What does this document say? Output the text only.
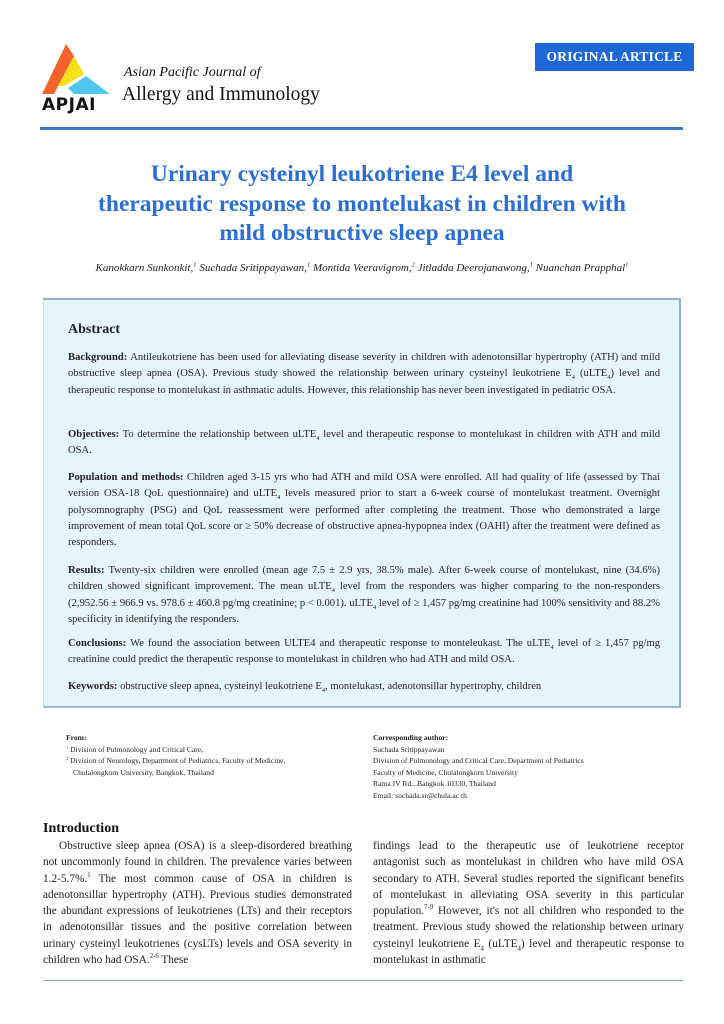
APJAI
Asian Pacific Journal of
Allergy and Immunology
ORIGINAL ARTICLE
Urinary cysteinyl leukotriene E4 level and
therapeutic response to montelukast in children with
mild obstructive sleep apnea
Kanokkarn Sunkonkit,$^1$ Suchada Sritippayawan,$^1$ Montida Veeravigrom,$^2$ Jitladda Deerojanawong,$^1$ Nuanchan Prapphal$^1$
Abstract
Background: Antileukotriene has been used for alleviating disease severity in children with adenotonsillar hypertrophy (ATH) and mild obstructive sleep apnea (OSA). Previous study showed the relationship between urinary cysteinyl leukotriene $E_4$ (uLTE$_4$) level and therapeutic response to montelukast in asthmatic adults. However, this relationship has never been investigated in pediatric OSA.
Objectives: To determine the relationship between uLTE$_4$ level and therapeutic response to montelukast in children with ATH and mild OSA.
Population and methods: Children aged 3-15 yrs who had ATH and mild OSA were enrolled. All had quality of life (assessed by Thai version OSA-18 QoL questionnaire) and uLTE$_4$ levels measured prior to start a 6-week course of montelukast treatment. Overnight polysomnography (PSG) and QoL reassessment were performed after completing the treatment. Those who demonstrated a large improvement of mean total QoL score or ≥ 50% decrease of obstructive apnea-hypopnea index (OAHI) after the treatment were defined as responders.
Results: Twenty-six children were enrolled (mean age 7.5 ± 2.9 yrs, 38.5% male). After 6-week course of montelukast, nine (34.6%) children showed significant improvement. The mean uLTE$_4$ level from the responders was higher comparing to the non-responders (2,952.56 ± 966.9 vs. 978.6 ± 460.8 pg/mg creatinine; p < 0.001). uLTE$_4$ level of ≥ 1,457 pg/mg creatinine had 100% sensitivity and 88.2% specificity in identifying the responders.
Conclusions: We found the association between ULTE4 and therapeutic response to monteleukast. The uLTE$_4$ level of ≥ 1,457 pg/mg creatinine could predict the therapeutic response to montelukast in children who had ATH and mild OSA.
Keywords: obstructive sleep apnea, cysteinyl leukotriene $E_4$, montelukast, adenotonsillar hypertrophy, children
From:
$^1$ Division of Pulmonology and Critical Care,
$^2$ Division of Neurology, Department of Pediatrics, Faculty of Medicine,
Chulalongkorn University, Bangkok, Thailand
Corresponding author:
Suchada Sritippayawan
Division of Pulmonology and Critical Care, Department of Pediatrics
Faculty of Medicine, Chulalongkorn University
Rama IV Rd., Bangkok 10330, Thailand
Email: suchada.sr@chula.ac.th
Introduction
Obstructive sleep apnea (OSA) is a sleep-disordered breathing not uncommonly found in children. The prevalence varies between 1.2-5.7%.$^1$ The most common cause of OSA in children is adenotonsillar hypertrophy (ATH). Previous studies demonstrated the abundant expressions of leukotrienes (LTs) and their receptors in adenotonsillar tissues and the positive correlation between urinary cysteinyl leukotrienes (cysLTs) levels and OSA severity in children who had OSA.$^{2-6}$ These
findings lead to the therapeutic use of leukotriene receptor antagonist such as montelukast in children who have mild OSA secondary to ATH. Several studies reported the significant benefits of montelukast in alleviating OSA severity in this particular population.$^{7-9}$ However, it's not all children who responded to the treatment. Previous study showed the relationship between urinary cysteinyl leukotriene $E_4$ (uLTE$_4$) level and therapeutic response to montelukast in asthmatic
